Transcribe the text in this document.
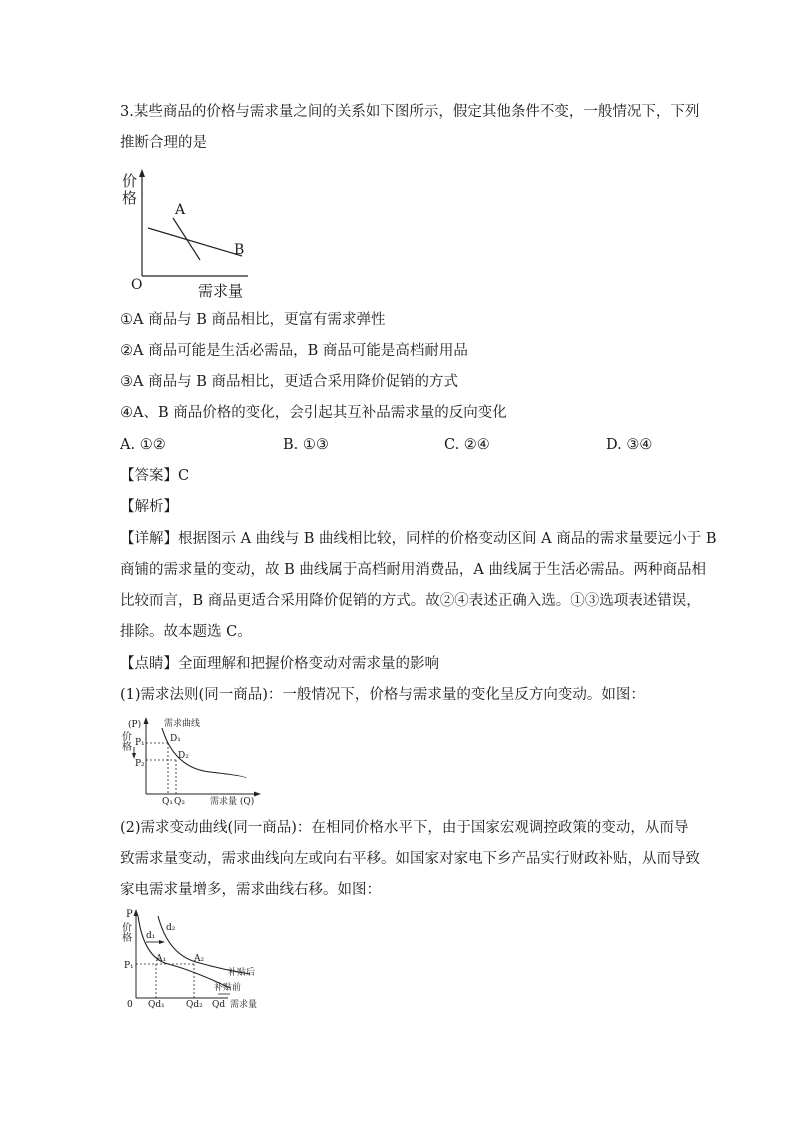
3.某些商品的价格与需求量之间的关系如下图所示，假定其他条件不变，一般情况下，下列
推断合理的是
价
格
A
B
O	需求量
①A 商品与 B 商品相比，更富有需求弹性
②A 商品可能是生活必需品，B 商品可能是高档耐用品
③A 商品与 B 商品相比，更适合采用降价促销的方式
④A、B 商品价格的变化，会引起其互补品需求量的反向变化
A. ①②	B. ①③	C. ②④	D. ③④
【答案】C
【解析】
【详解】根据图示 A 曲线与 B 曲线相比较，同样的价格变动区间 A 商品的需求量要远小于 B
商铺的需求量的变动，故 B 曲线属于高档耐用消费品，A 曲线属于生活必需品。两种商品相
比较而言，B 商品更适合采用降价促销的方式。故②④表述正确入选。①③选项表述错误，
排除。故本题选 C。
【点睛】全面理解和把握价格变动对需求量的影响
(1)需求法则(同一商品)：一般情况下，价格与需求量的变化呈反方向变动。如图：
(P)
价
格
需求曲线
P₁
P₂
D₁
D₂
Q₁ Q₂	需求量 (Q)
(2)需求变动曲线(同一商品)：在相同价格水平下，由于国家宏观调控政策的变动，从而导
致需求量变动，需求曲线向左或向右平移。如国家对家电下乡产品实行财政补贴，从而导致
家电需求量增多，需求曲线右移。如图：
P
价
格
d₂
d₁
P₁
A₁	A₂
补贴后
补贴前
0 Qd₁ Qd₂ Qd 需求量
